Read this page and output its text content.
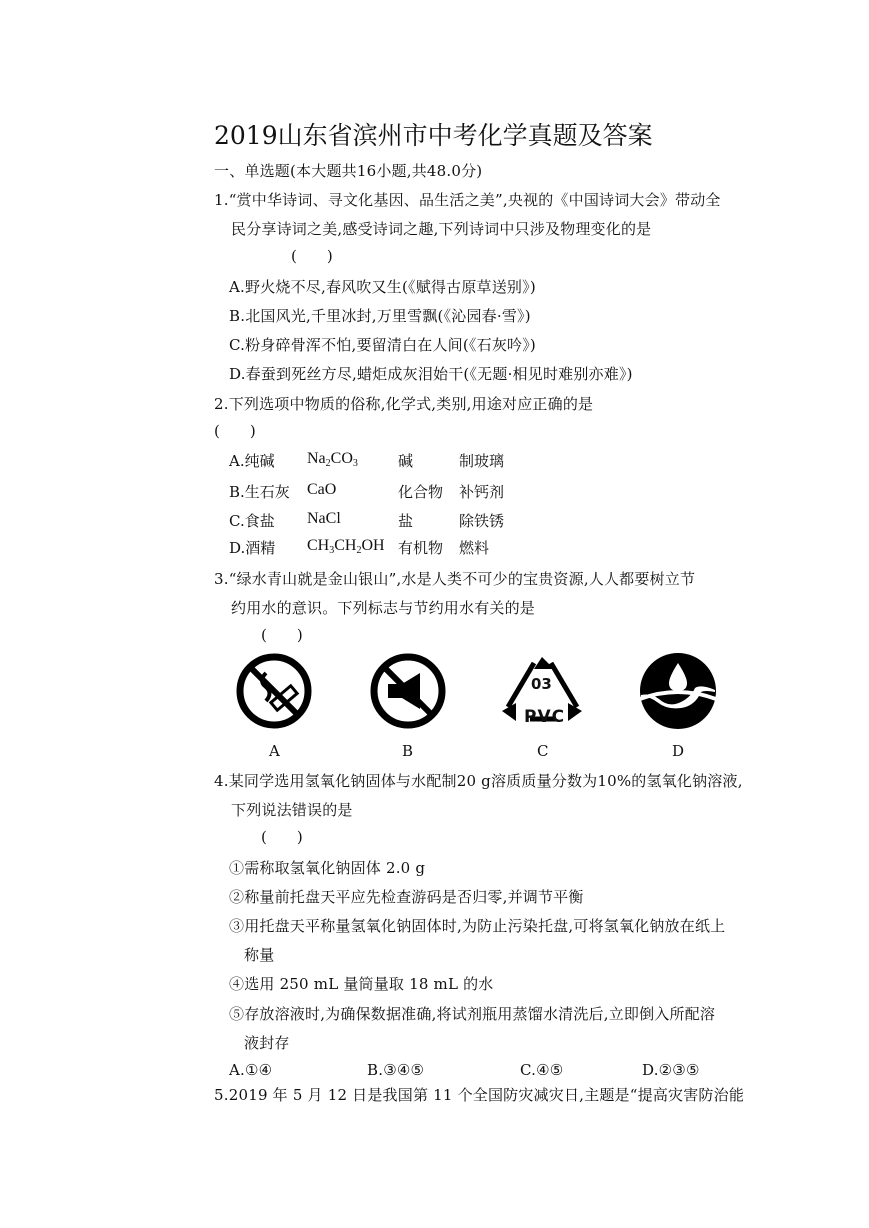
2019山东省滨州市中考化学真题及答案
一、单选题(本大题共16小题,共48.0分)
1.“赏中华诗词、寻文化基因、品生活之美”,央视的《中国诗词大会》带动全
民分享诗词之美,感受诗词之趣,下列诗词中只涉及物理变化的是
(      )
A.野火烧不尽,春风吹又生(《赋得古原草送别》)
B.北国风光,千里冰封,万里雪飘(《沁园春·雪》)
C.粉身碎骨浑不怕,要留清白在人间(《石灰吟》)
D.春蚕到死丝方尽,蜡炬成灰泪始干(《无题·相见时难别亦难》)
2.下列选项中物质的俗称,化学式,类别,用途对应正确的是
(      )
A.纯碱 $Na_2CO_3$	碱	制玻璃
B.生石灰 CaO	化合物 补钙剂
C.食盐 NaCl	盐	除铁锈
D.酒精 $CH_3CH_2OH$ 有机物 燃料
3.“绿水青山就是金山银山”,水是人类不可少的宝贵资源,人人都要树立节
约用水的意识。下列标志与节约用水有关的是
(      )
A	B
03
PVC
C	D
4.某同学选用氢氧化钠固体与水配制20 g溶质质量分数为10%的氢氧化钠溶液,
下列说法错误的是
(      )
①需称取氢氧化钠固体 2.0 g
②称量前托盘天平应先检查游码是否归零,并调节平衡
③用托盘天平称量氢氧化钠固体时,为防止污染托盘,可将氢氧化钠放在纸上
称量
④选用 250 mL 量筒量取 18 mL 的水
⑤存放溶液时,为确保数据准确,将试剂瓶用蒸馏水清洗后,立即倒入所配溶
液封存
A.①④	B.③④⑤	C.④⑤	D.②③⑤
5.2019 年 5 月 12 日是我国第 11 个全国防灾减灾日,主题是“提高灾害防治能
